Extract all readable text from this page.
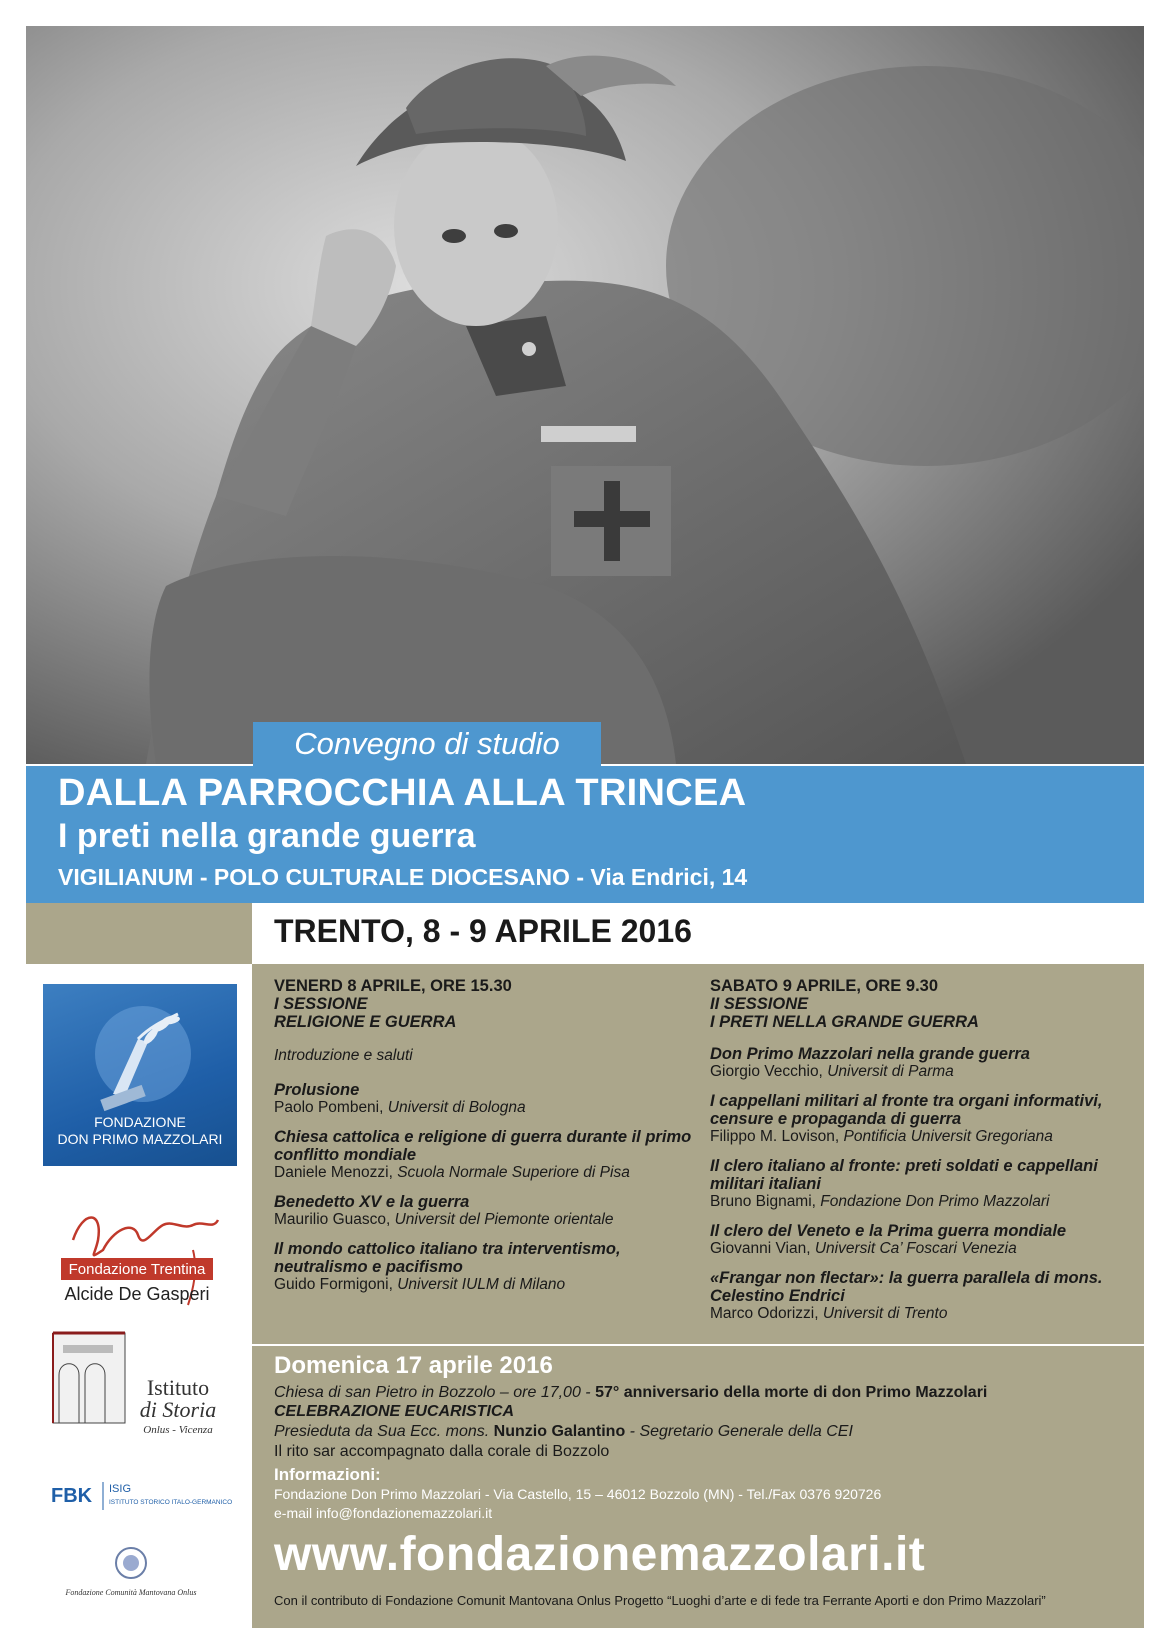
Convegno di studio
DALLA PARROCCHIA ALLA TRINCEA
I preti nella grande guerra
VIGILIANUM - POLO CULTURALE DIOCESANO - Via Endrici, 14
TRENTO, 8 - 9 APRILE 2016
VENERD 8 APRILE, ORE 15.30
I SESSIONE
RELIGIONE E GUERRA
Introduzione e saluti
Prolusione
Paolo Pombeni, Universit di Bologna
Chiesa cattolica e religione di guerra durante il primo conflitto mondiale
Daniele Menozzi, Scuola Normale Superiore di Pisa
Benedetto XV e la guerra
Maurilio Guasco, Universit del Piemonte orientale
Il mondo cattolico italiano tra interventismo, neutralismo e pacifismo
Guido Formigoni, Universit IULM di Milano
SABATO 9 APRILE, ORE 9.30
II SESSIONE
I PRETI NELLA GRANDE GUERRA
Don Primo Mazzolari nella grande guerra
Giorgio Vecchio, Universit di Parma
I cappellani militari al fronte tra organi informativi, censure e propaganda di guerra
Filippo M. Lovison, Pontificia Universit Gregoriana
Il clero italiano al fronte: preti soldati e cappellani militari italiani
Bruno Bignami, Fondazione Don Primo Mazzolari
Il clero del Veneto e la Prima guerra mondiale
Giovanni Vian, Universit Ca’ Foscari Venezia
«Frangar non flectar»: la guerra parallela di mons. Celestino Endrici
Marco Odorizzi, Universit di Trento
Domenica 17 aprile 2016
Chiesa di san Pietro in Bozzolo – ore 17,00 - 57° anniversario della morte di don Primo Mazzolari
CELEBRAZIONE EUCARISTICA
Presieduta da Sua Ecc. mons. Nunzio Galantino - Segretario Generale della CEI
Il rito sar accompagnato dalla corale di Bozzolo
Informazioni:
Fondazione Don Primo Mazzolari - Via Castello, 15 – 46012 Bozzolo (MN) - Tel./Fax 0376 920726
e-mail info@fondazionemazzolari.it
www.fondazionemazzolari.it
Con il contributo di Fondazione Comunit Mantovana Onlus Progetto “Luoghi d’arte e di fede tra Ferrante Aporti e don Primo Mazzolari”
FONDAZIONE
DON PRIMO MAZZOLARI
Fondazione Trentina
Alcide De Gasperi
Istituto
di Storia
Onlus - Vicenza
FBK ISIG
ISTITUTO STORICO ITALO-GERMANICO
Fondazione Comunità Mantovana Onlus
